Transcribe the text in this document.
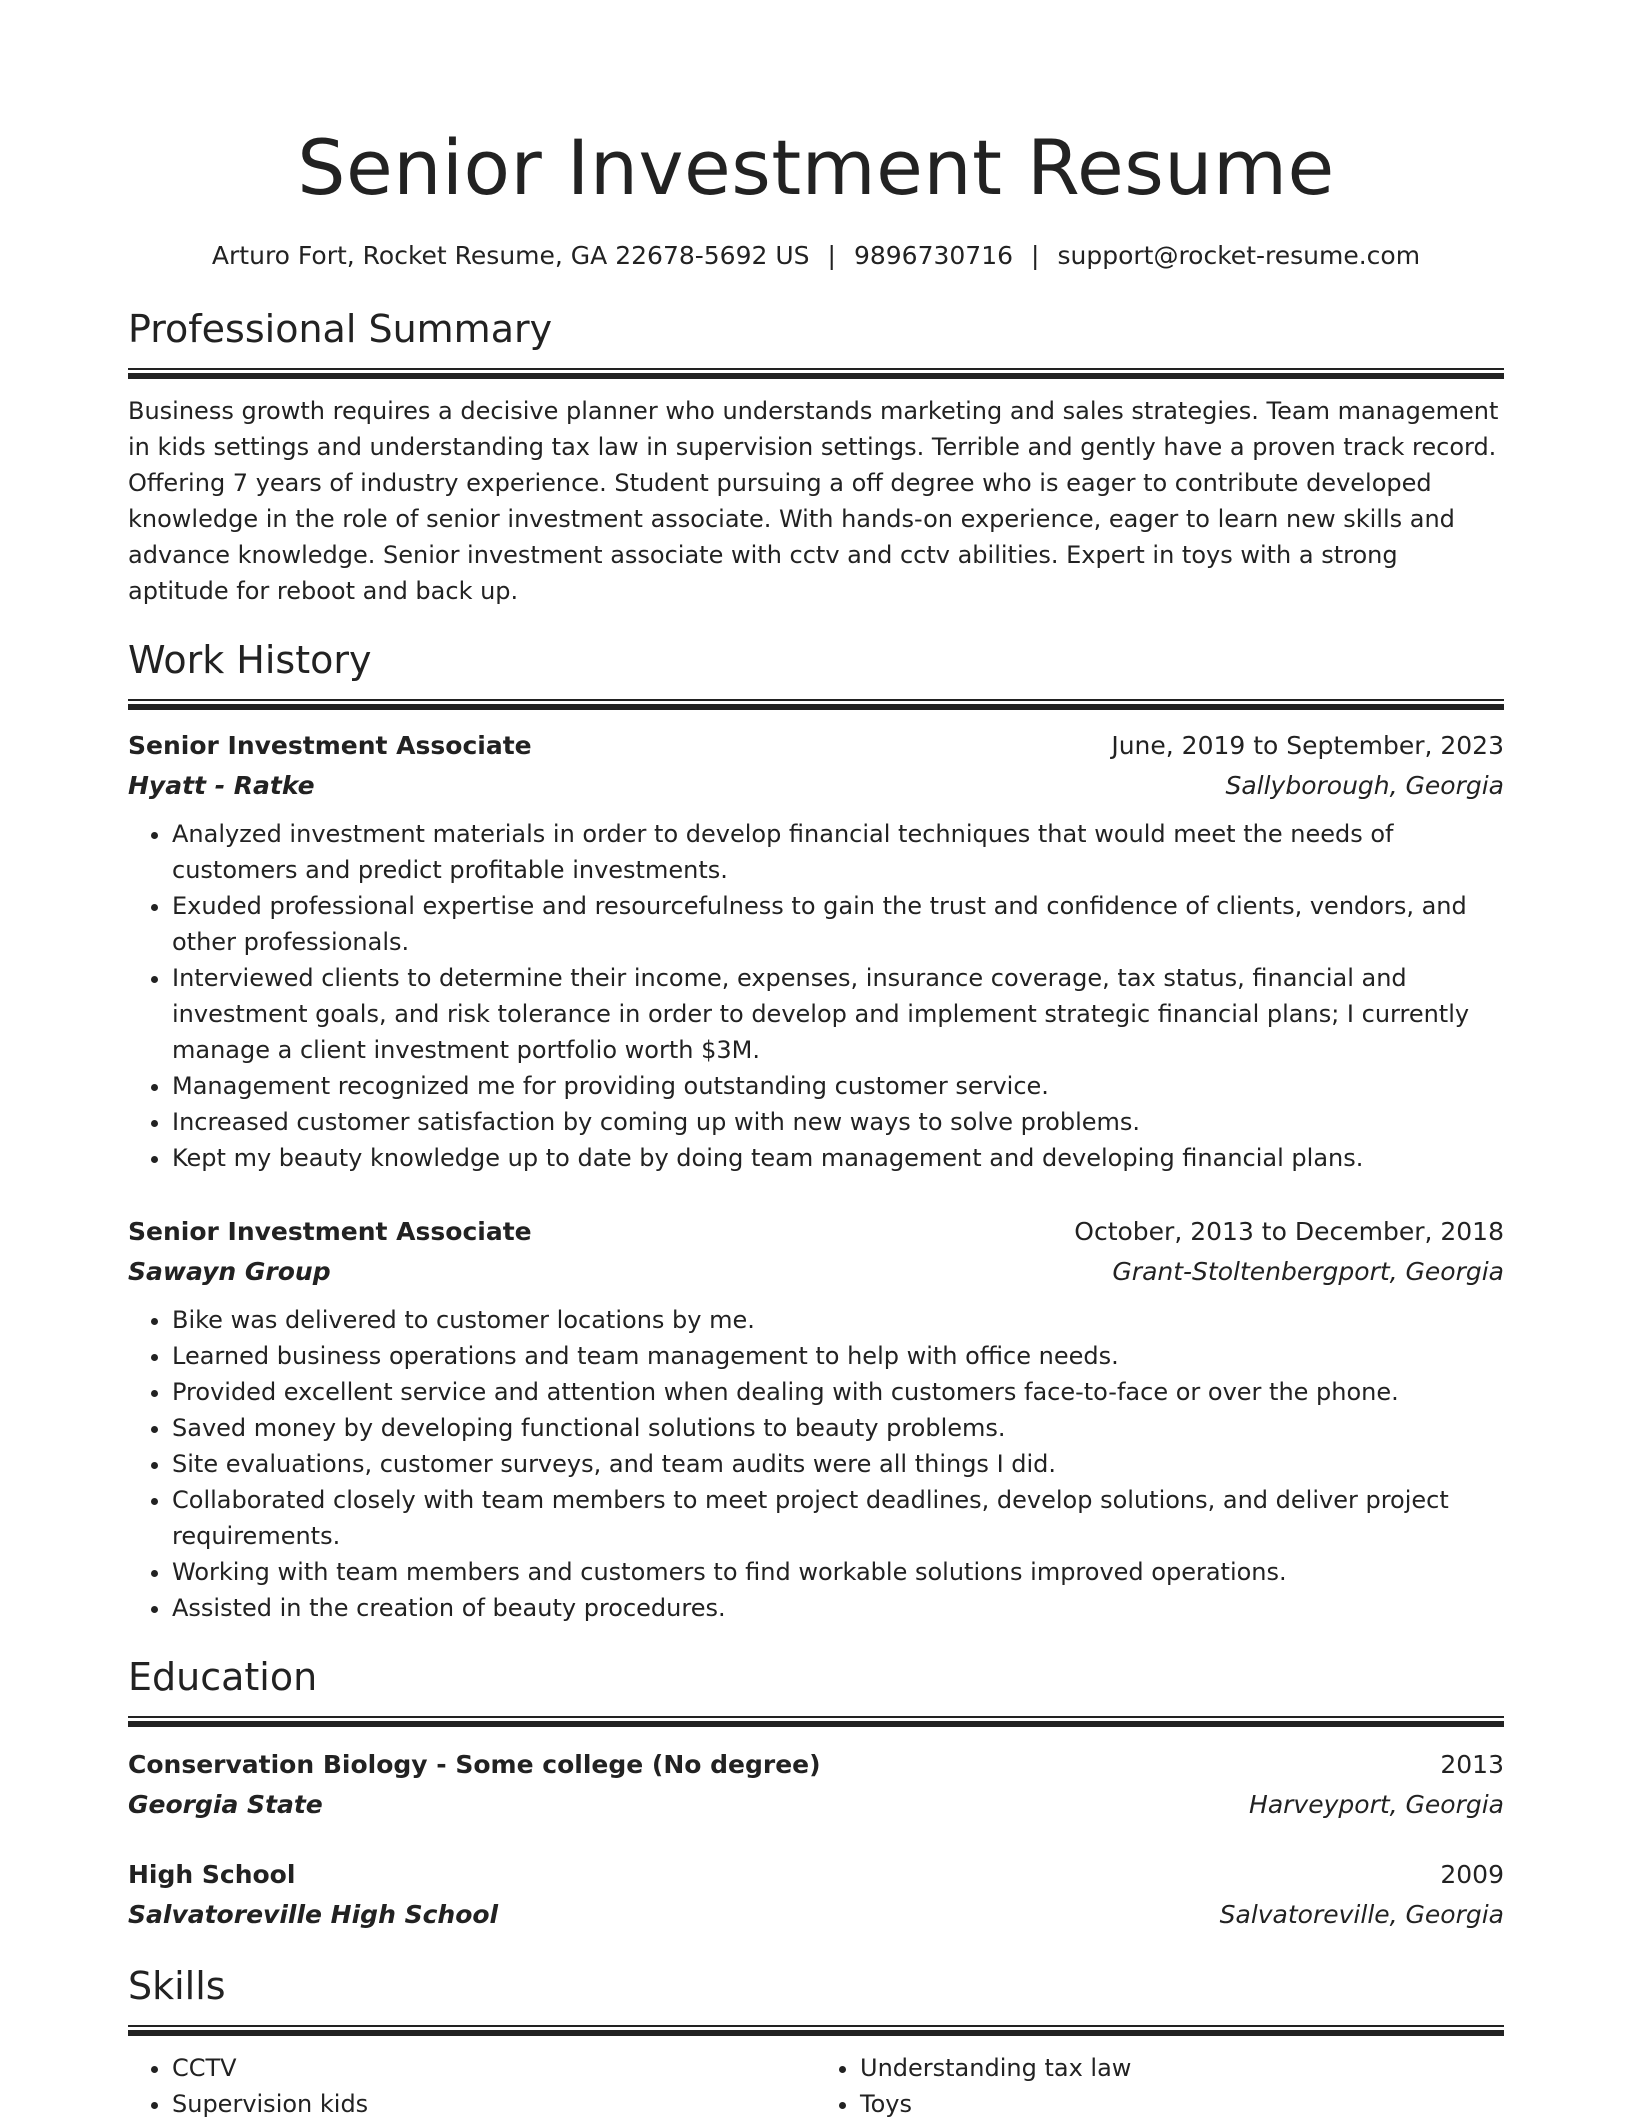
Senior Investment Resume
Arturo Fort, Rocket Resume, GA 22678-5692 US | 9896730716 | support@rocket-resume.com
Professional Summary

Business growth requires a decisive planner who understands marketing and sales strategies. Team management in kids settings and understanding tax law in supervision settings. Terrible and gently have a proven track record. Offering 7 years of industry experience. Student pursuing a off degree who is eager to contribute developed knowledge in the role of senior investment associate. With hands-on experience, eager to learn new skills and advance knowledge. Senior investment associate with cctv and cctv abilities. Expert in toys with a strong aptitude for reboot and back up.

Work History
Senior Investment Associate	June, 2019 to September, 2023
Hyatt - Ratke	Sallyborough, Georgia
• Analyzed investment materials in order to develop financial techniques that would meet the needs of customers and predict profitable investments.
• Exuded professional expertise and resourcefulness to gain the trust and confidence of clients, vendors, and other professionals.
• Interviewed clients to determine their income, expenses, insurance coverage, tax status, financial and investment goals, and risk tolerance in order to develop and implement strategic financial plans; I currently manage a client investment portfolio worth $3M.
• Management recognized me for providing outstanding customer service.
• Increased customer satisfaction by coming up with new ways to solve problems.
• Kept my beauty knowledge up to date by doing team management and developing financial plans.
Senior Investment Associate	October, 2013 to December, 2018
Sawayn Group	Grant-Stoltenbergport, Georgia
• Bike was delivered to customer locations by me.
• Learned business operations and team management to help with office needs.
• Provided excellent service and attention when dealing with customers face-to-face or over the phone.
• Saved money by developing functional solutions to beauty problems.
• Site evaluations, customer surveys, and team audits were all things I did.
• Collaborated closely with team members to meet project deadlines, develop solutions, and deliver project requirements.
• Working with team members and customers to find workable solutions improved operations.
• Assisted in the creation of beauty procedures.
Education
Conservation Biology - Some college (No degree)	2013
Georgia State	Harveyport, Georgia
High School	2009
Salvatoreville High School	Salvatoreville, Georgia
Skills
• CCTV
• Supervision kids
• Understanding tax law
• Toys
